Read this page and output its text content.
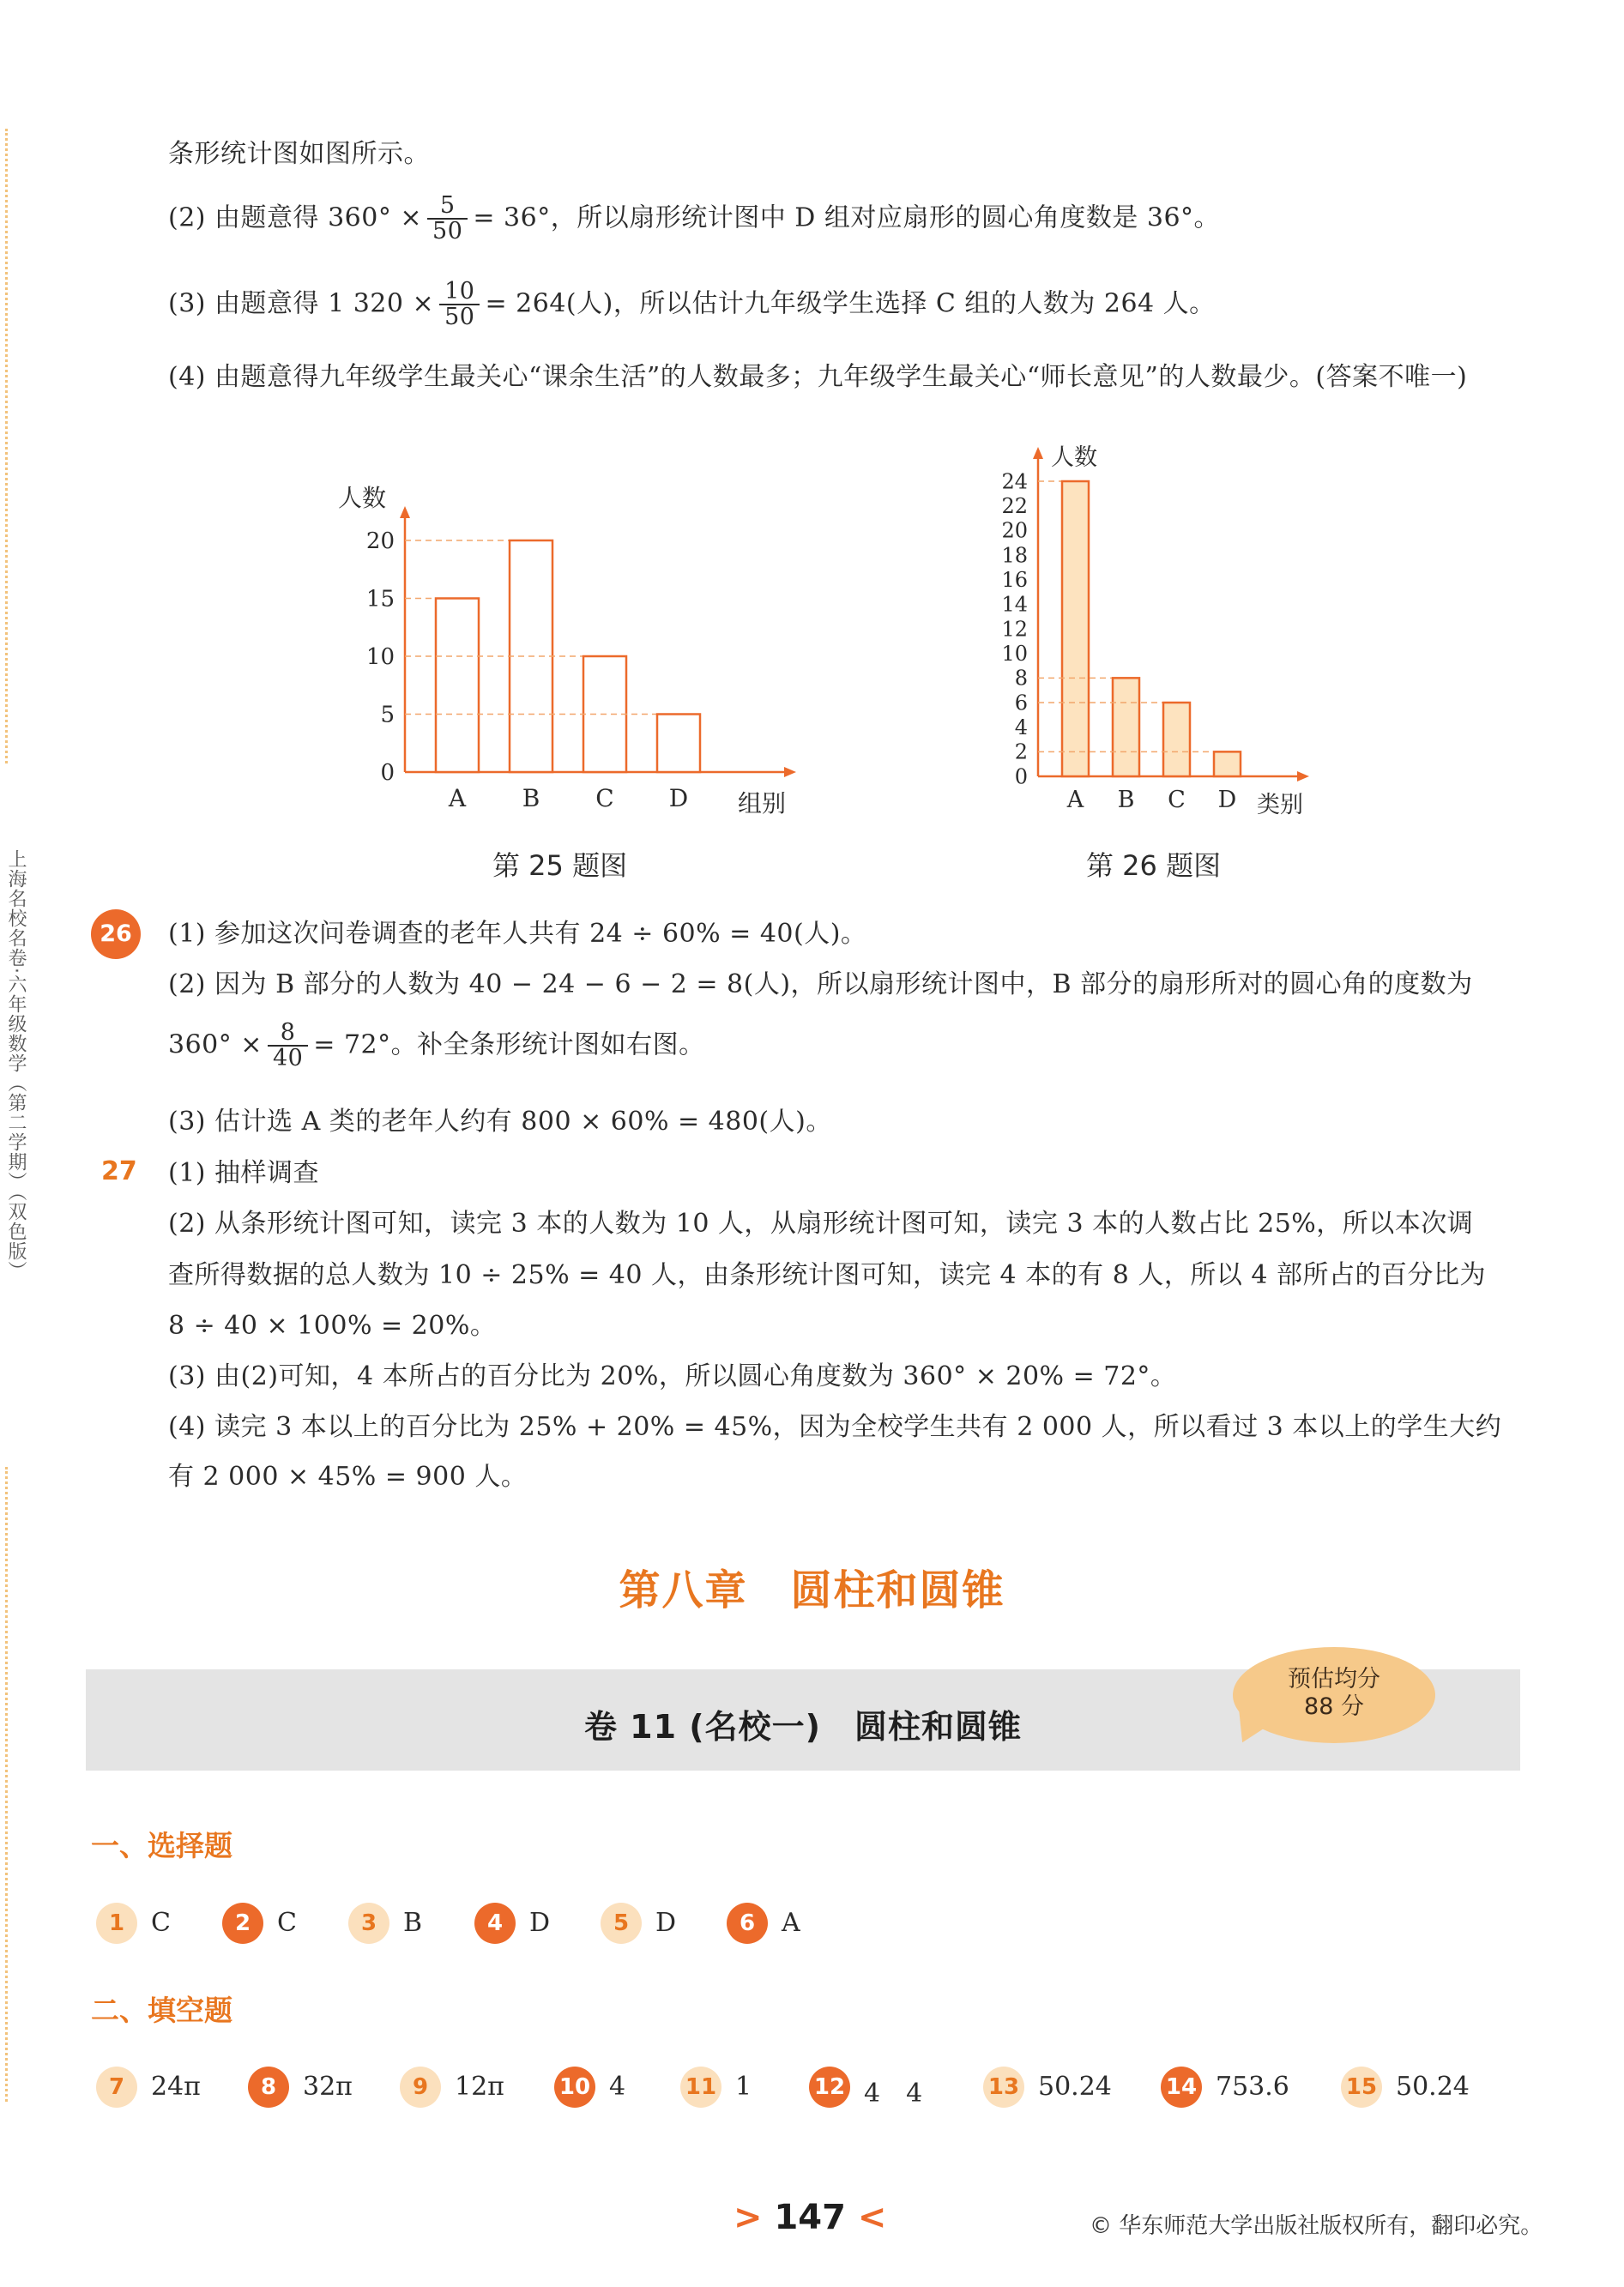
上海名校名卷·六年级数学（第二学期）（双色版）
条形统计图如图所示。
(2) 由题意得 $360^\circ \times \frac{5}{50} = 36^\circ$，所以扇形统计图中 D 组对应扇形的圆心角度数是 36°。
(3) 由题意得 1 $320 \times \frac{10}{50} = 264$(人)，所以估计九年级学生选择 C 组的人数为 264 人。
(4) 由题意得九年级学生最关心“课余生活”的人数最多；九年级学生最关心“师长意见”的人数最少。(答案不唯一)
0
5
10
15
20
人数
A B C D 组别
0
2
4
6
8
10
12
14
16
18
20
22
24
人数
A B C D 类别
第 25 题图	第 26 题图
26	(1) 参加这次问卷调查的老年人共有 24 ÷ 60% = 40(人)。
(2) 因为 B 部分的人数为 40 − 24 − 6 − 2 = 8(人)，所以扇形统计图中，B 部分的扇形所对的圆心角的度数为
$360^\circ \times \frac{8}{40} = 72^\circ$。补全条形统计图如右图。
(3) 估计选 A 类的老年人约有 800 × 60% = 480(人)。
27 (1) 抽样调查
(2) 从条形统计图可知，读完 3 本的人数为 10 人，从扇形统计图可知，读完 3 本的人数占比 25%，所以本次调
查所得数据的总人数为 10 ÷ 25% = 40 人，由条形统计图可知，读完 4 本的有 8 人，所以 4 部所占的百分比为
8 ÷ 40 × 100% = 20%。
(3) 由(2)可知，4 本所占的百分比为 20%，所以圆心角度数为 360° × 20% = 72°。
(4) 读完 3 本以上的百分比为 25% + 20% = 45%，因为全校学生共有 2 000 人，所以看过 3 本以上的学生大约
有 2 000 × 45% = 900 人。
第八章　圆柱和圆锥
卷 11 (名校一)　圆柱和圆锥
预估均分
88 分
一、选择题
二、填空题
> 147 <	© 华东师范大学出版社版权所有，翻印必究。
1	C	2	C	3	B	4	D	5	D	6	A
7	24π	8	32π	9	12π 10 4	11 1	12 4　4	13 50.24 14 753.6	15 50.24
